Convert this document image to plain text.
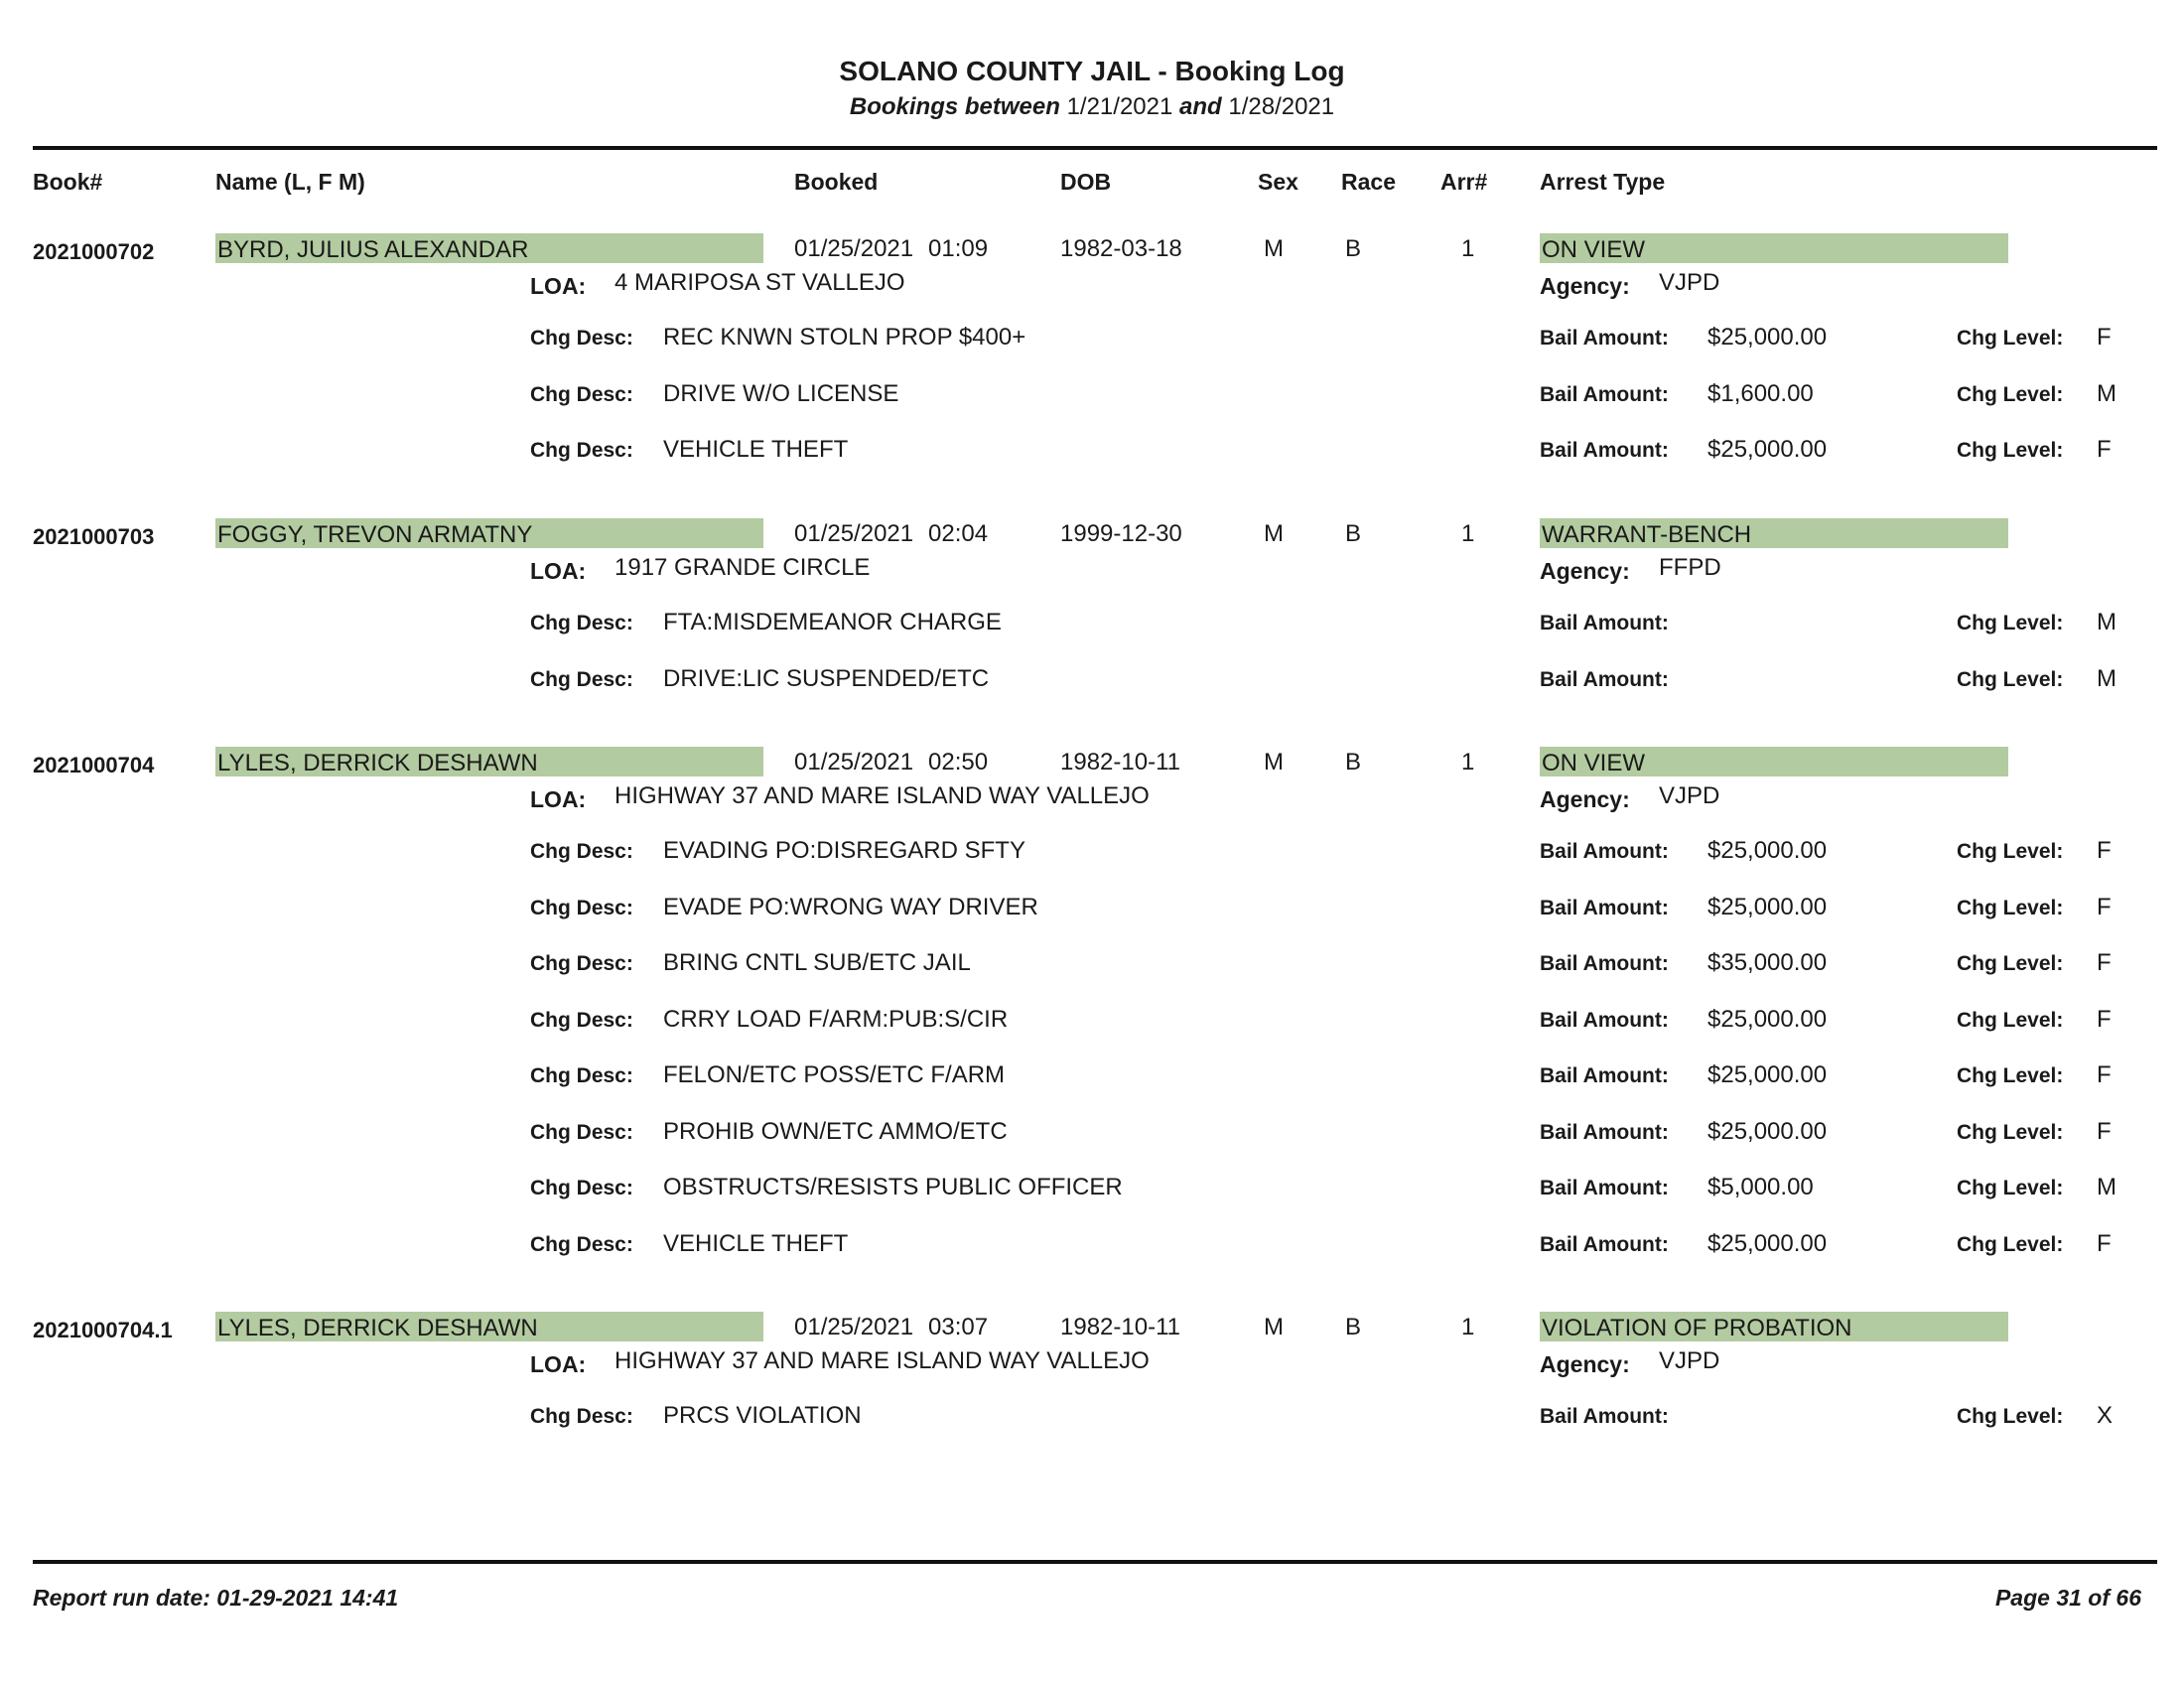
SOLANO COUNTY JAIL - Booking Log
Bookings between 1/21/2021 and 1/28/2021
Book#	Name (L, F M)	Booked	DOB	Sex Race Arr# Arrest Type
2021000702	BYRD, JULIUS ALEXANDAR	01/25/2021 01:09	1982-03-18	M	B	1	ON VIEW
LOA: 4 MARIPOSA ST VALLEJO	Agency: VJPD
Chg Desc: REC KNWN STOLN PROP $400+	Bail Amount: $25,000.00	Chg Level: F
Chg Desc: DRIVE W/O LICENSE	Bail Amount: $1,600.00	Chg Level: M
Chg Desc: VEHICLE THEFT	Bail Amount: $25,000.00	Chg Level: F
2021000703	FOGGY, TREVON ARMATNY	01/25/2021 02:04	1999-12-30	M	B	1	WARRANT-BENCH
LOA: 1917 GRANDE CIRCLE	Agency: FFPD
Chg Desc: FTA:MISDEMEANOR CHARGE	Bail Amount:	Chg Level: M
Chg Desc: DRIVE:LIC SUSPENDED/ETC	Bail Amount:	Chg Level: M
2021000704	LYLES, DERRICK DESHAWN	01/25/2021 02:50	1982-10-11	M	B	1	ON VIEW
LOA: HIGHWAY 37 AND MARE ISLAND WAY VALLEJO	Agency: VJPD
Chg Desc: EVADING PO:DISREGARD SFTY	Bail Amount: $25,000.00	Chg Level: F
Chg Desc: EVADE PO:WRONG WAY DRIVER	Bail Amount: $25,000.00	Chg Level: F
Chg Desc: BRING CNTL SUB/ETC JAIL	Bail Amount: $35,000.00	Chg Level: F
Chg Desc: CRRY LOAD F/ARM:PUB:S/CIR	Bail Amount: $25,000.00	Chg Level: F
Chg Desc: FELON/ETC POSS/ETC F/ARM	Bail Amount: $25,000.00	Chg Level: F
Chg Desc: PROHIB OWN/ETC AMMO/ETC	Bail Amount: $25,000.00	Chg Level: F
Chg Desc: OBSTRUCTS/RESISTS PUBLIC OFFICER	Bail Amount: $5,000.00	Chg Level: M
Chg Desc: VEHICLE THEFT	Bail Amount: $25,000.00	Chg Level: F
2021000704.1 LYLES, DERRICK DESHAWN	01/25/2021 03:07	1982-10-11	M	B	1	VIOLATION OF PROBATION
LOA: HIGHWAY 37 AND MARE ISLAND WAY VALLEJO	Agency: VJPD
Chg Desc: PRCS VIOLATION	Bail Amount:	Chg Level: X
Report run date: 01-29-2021 14:41	Page 31 of 66
